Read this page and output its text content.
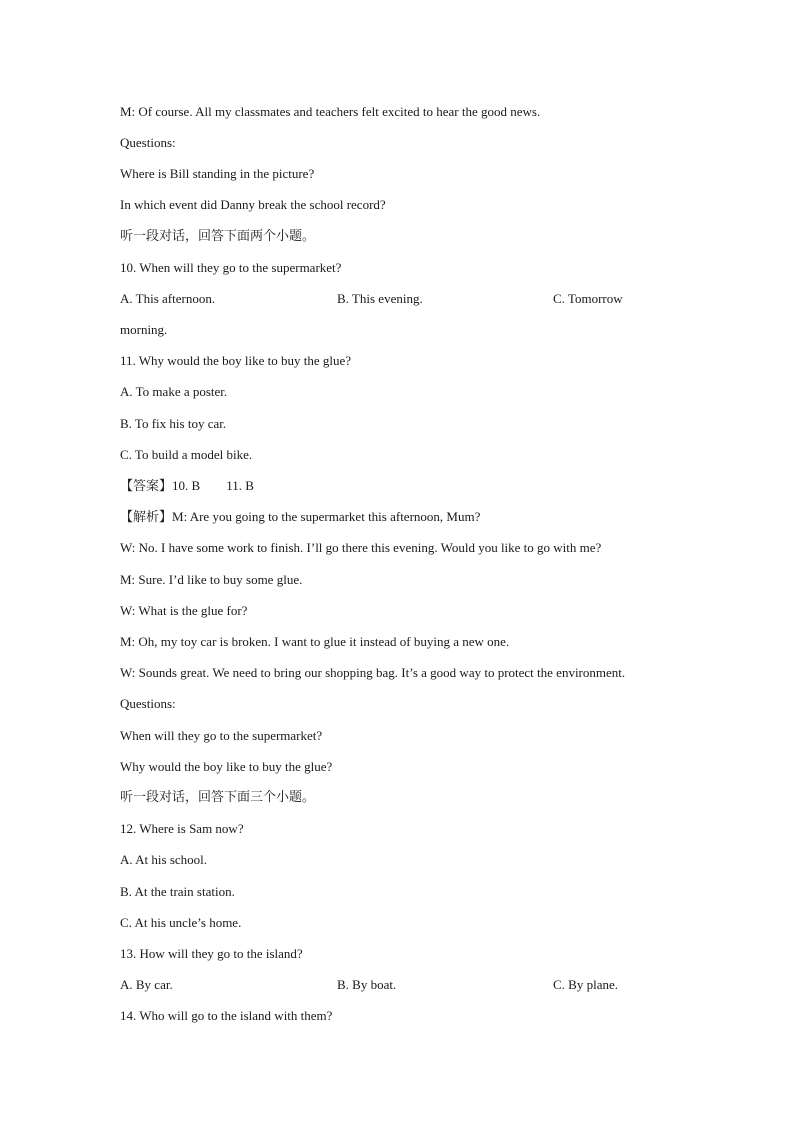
M: Of course. All my classmates and teachers felt excited to hear the good news.
Questions:
Where is Bill standing in the picture?
In which event did Danny break the school record?
听一段对话，回答下面两个小题。
10. When will they go to the supermarket?
A. This afternoon.	B. This evening.	C. Tomorrow
morning.
11. Why would the boy like to buy the glue?
A. To make a poster.
B. To fix his toy car.
C. To build a model bike.
【答案】10. B 11. B
【解析】M: Are you going to the supermarket this afternoon, Mum?
W: No. I have some work to finish. I’ll go there this evening. Would you like to go with me?
M: Sure. I’d like to buy some glue.
W: What is the glue for?
M: Oh, my toy car is broken. I want to glue it instead of buying a new one.
W: Sounds great. We need to bring our shopping bag. It’s a good way to protect the environment.
Questions:
When will they go to the supermarket?
Why would the boy like to buy the glue?
听一段对话，回答下面三个小题。
12. Where is Sam now?
A. At his school.
B. At the train station.
C. At his uncle’s home.
13. How will they go to the island?
A. By car.	B. By boat.	C. By plane.
14. Who will go to the island with them?
